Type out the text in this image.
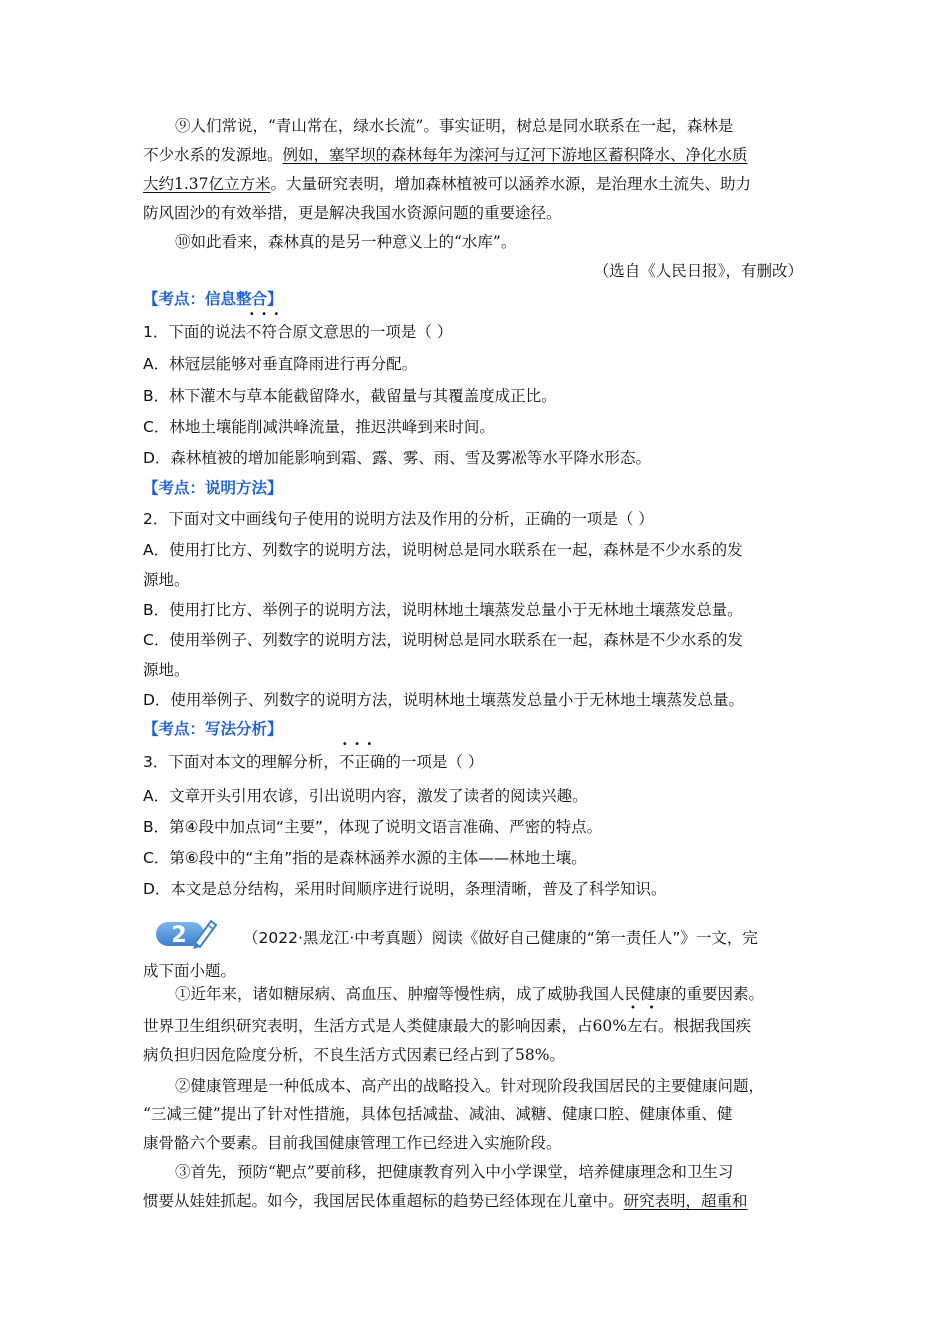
⑨人们常说，“青山常在，绿水长流”。事实证明，树总是同水联系在一起，森林是
不少水系的发源地。例如，塞罕坝的森林每年为滦河与辽河下游地区蓄积降水、净化水质
大约1.37亿立方米。大量研究表明，增加森林植被可以涵养水源，是治理水土流失、助力
防风固沙的有效举措，更是解决我国水资源问题的重要途径。
⑩如此看来，森林真的是另一种意义上的“水库”。
（选自《人民日报》，有删改）
【考点：信息整合】
1．下面的说法•  •  • 不符合原文意思的一项是（ ）
A．林冠层能够对垂直降雨进行再分配。
B．林下灌木与草本能截留降水，截留量与其覆盖度成正比。
C．林地土壤能削减洪峰流量，推迟洪峰到来时间。
D．森林植被的增加能影响到霜、露、雾、雨、雪及雾凇等水平降水形态。
【考点：说明方法】
2．下面对文中画线句子使用的说明方法及作用的分析，正确的一项是（ ）
A．使用打比方、列数字的说明方法，说明树总是同水联系在一起，森林是不少水系的发
源地。
B．使用打比方、举例子的说明方法，说明林地土壤蒸发总量小于无林地土壤蒸发总量。
C．使用举例子、列数字的说明方法，说明树总是同水联系在一起，森林是不少水系的发
源地。
D．使用举例子、列数字的说明方法，说明林地土壤蒸发总量小于无林地土壤蒸发总量。
【考点：写法分析】
3．下面对本文的理解分析，•  •  • 不正确的一项是（ ）
A．文章开头引用农谚，引出说明内容，激发了读者的阅读兴趣。
B．第④段中加点词“主要”，体现了说明文语言准确、严密的特点。
C．第⑥段中的“主角”指的是森林涵养水源的主体——林地土壤。
D．本文是总分结构，采用时间顺序进行说明，条理清晰，普及了科学知识。
2	（2022·黑龙江·中考真题）阅读《做好自己健康的“第一责任人”》一文，完
成下面小题。
①近年来，诸如糖尿病、高血压、肿瘤等慢性病，成了威胁我国人民健康的重要因素。
世界卫生组织研究表明，生活方式是人类健康最大的影响因素，占60%•    • 左右。根据我国疾
病负担归因危险度分析，不良生活方式因素已经占到了58%。
②健康管理是一种低成本、高产出的战略投入。针对现阶段我国居民的主要健康问题，
“三减三健”提出了针对性措施，具体包括减盐、减油、减糖、健康口腔、健康体重、健
康骨骼六个要素。目前我国健康管理工作已经进入实施阶段。
③首先，预防“靶点”要前移，把健康教育列入中小学课堂，培养健康理念和卫生习
惯要从娃娃抓起。如今，我国居民体重超标的趋势已经体现在儿童中。研究表明，超重和
